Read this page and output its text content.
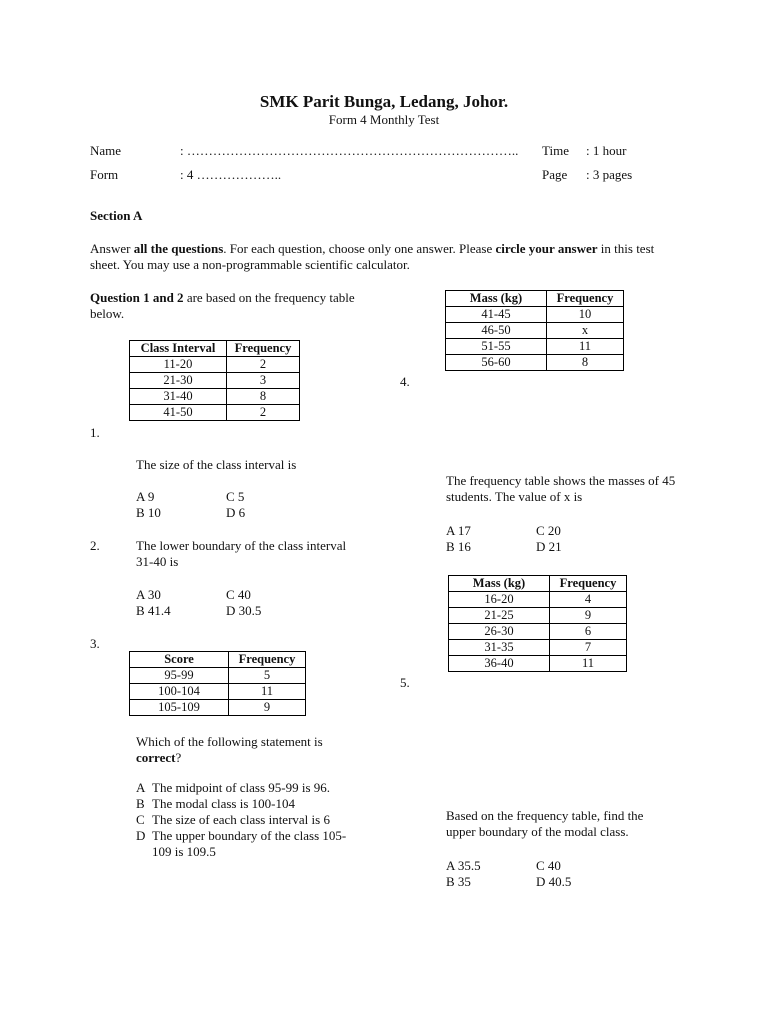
SMK Parit Bunga, Ledang, Johor.
Form 4 Monthly Test
Name	: ………………………………………………………………….. Time : 1 hour
Form	: 4 ………………..	Page : 3 pages
Section A
Answer all the questions. For each question, choose only one answer. Please circle your answer in this test sheet. You may use a non-programmable scientific calculator.
Question 1 and 2 are based on the frequency table below.
Class Interval	Frequency
11-20	2
21-30	3
31-40	8
41-50	2
1.
The size of the class interval is
A 9	C 5
B 10	D 6
2.	The lower boundary of the class interval 31-40 is
A 30	C 40
B 41.4	D 30.5
3.
Score	Frequency
95-99	5
100-104	11
105-109	9
Which of the following statement is correct?
A The midpoint of class 95-99 is 96.
B The modal class is 100-104
C The size of each class interval is 6
D The upper boundary of the class 105-109 is 109.5
Mass (kg)	Frequency
41-45	10
46-50	x
51-55	11
56-60	8
4.
The frequency table shows the masses of 45 students. The value of x is
A 17	C 20
B 16	D 21
Mass (kg)	Frequency
16-20	4
21-25	9
26-30	6
31-35	7
36-40	11
5.
Based on the frequency table, find the upper boundary of the modal class.
A 35.5	C 40
B 35	D 40.5
